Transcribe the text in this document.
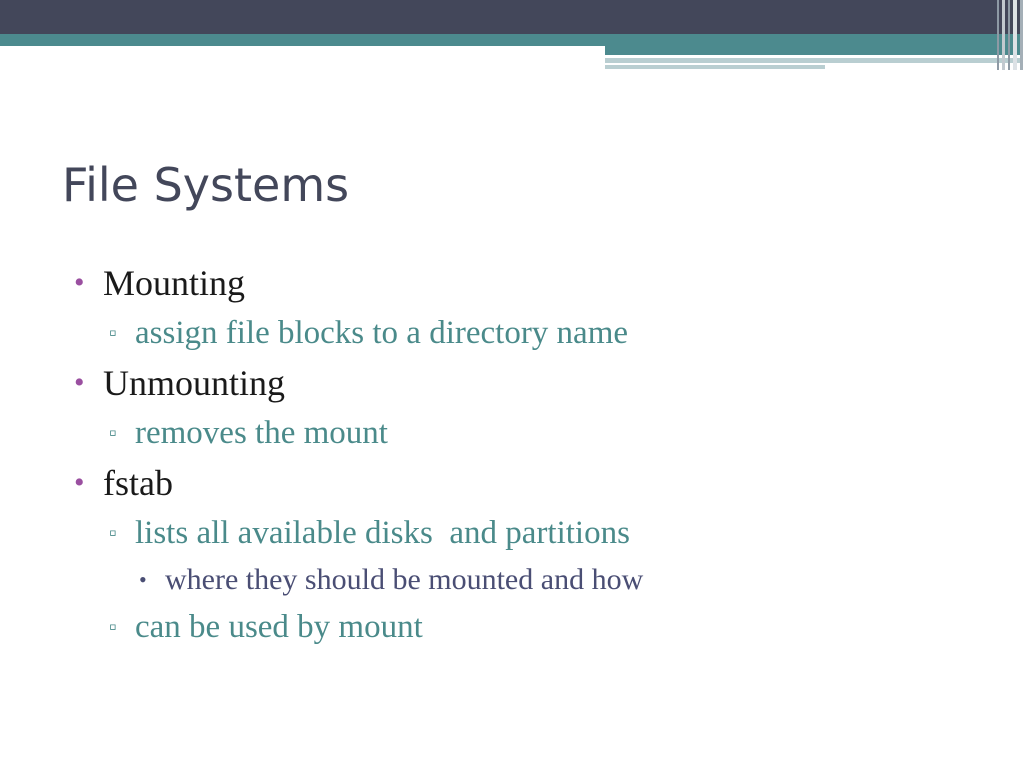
File Systems
• Mounting
▫ assign file blocks to a directory name
• Unmounting
▫ removes the mount
• fstab
▫ lists all available disks  and partitions
• where they should be mounted and how
▫ can be used by mount
